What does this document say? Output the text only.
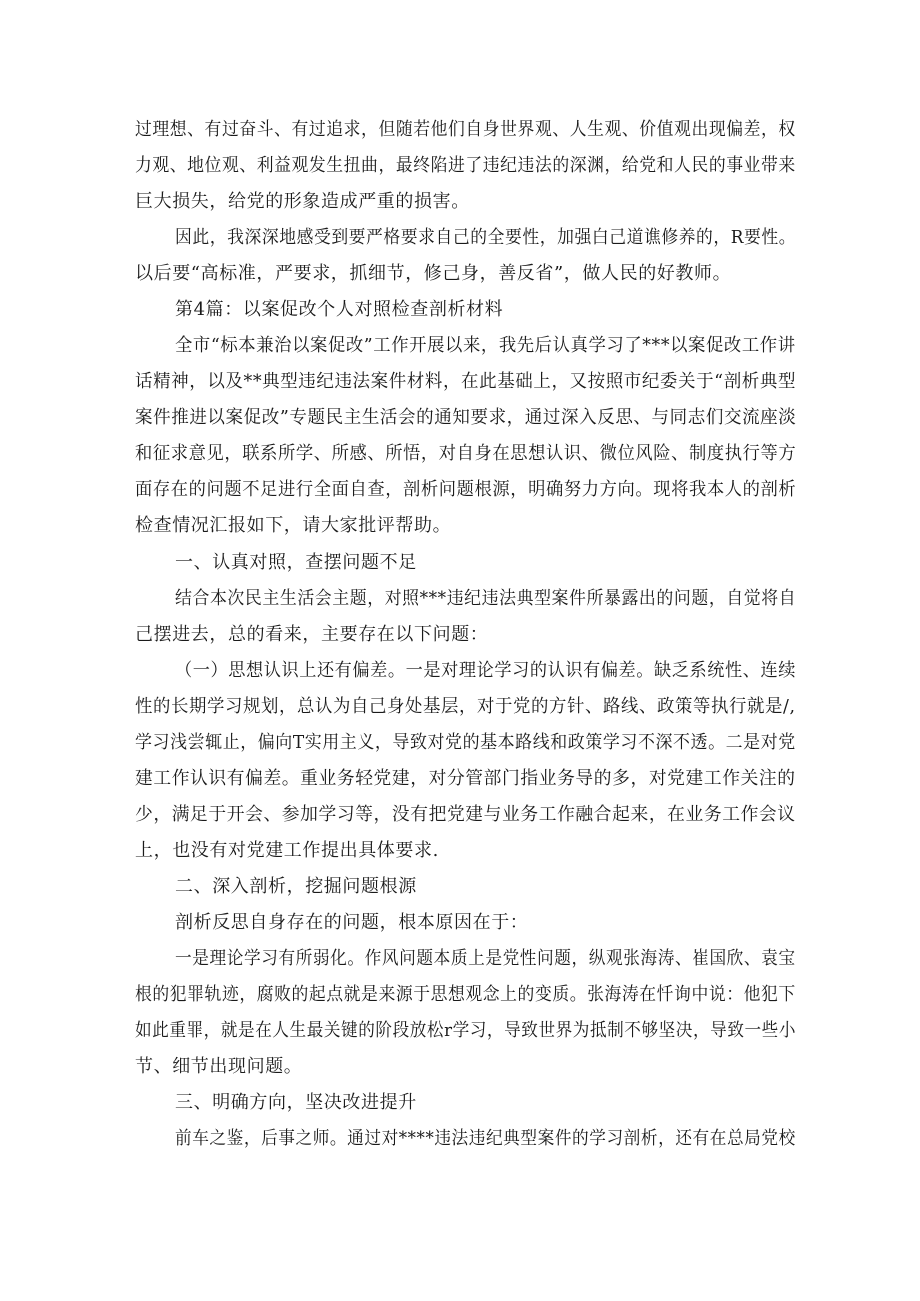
过理想、有过奋斗、有过追求，但随若他们自身世界观、人生观、价值观出现偏差，权
力观、地位观、利益观发生扭曲，最终陷进了违纪违法的深渊，给党和人民的事业带来
巨大损失，给党的形象造成严重的损害。
因此，我深深地感受到要严格要求自己的全要性，加强白己道谯修养的，R要性。
以后要“高标准，严要求，抓细节，修己身，善反省”，做人民的好教师。
第4篇：以案促改个人对照检查剖析材料
全市“标本兼治以案促改”工作开展以来，我先后认真学习了***以案促改工作讲
话精神，以及**典型违纪违法案件材料，在此基础上，又按照市纪委关于“剖析典型
案件推进以案促改”专题民主生活会的通知要求，通过深入反思、与同志们交流座淡
和征求意见，联系所学、所感、所悟，对自身在思想认识、微位风险、制度执行等方
面存在的问题不足进行全面自查，剖析问题根源，明确努力方向。现将我本人的剖析
检查情况汇报如下，请大家批评帮助。
一、认真对照，查摆问题不足
结合本次民主生活会主题，对照***违纪违法典型案件所暴露出的问题，自觉将自
己摆进去，总的看来，主要存在以下问题：
（一）思想认识上还有偏差。一是对理论学习的认识有偏差。缺乏系统性、连续
性的长期学习规划，总认为自己身处基层，对于党的方针、路线、政策等执行就是/,
学习浅尝辄止，偏向T实用主义，导致对党的基本路线和政策学习不深不透。二是对党
建工作认识有偏差。重业务轻党建，对分管部门指业务导的多，对党建工作关注的
少，满足于开会、参加学习等，没有把党建与业务工作融合起来，在业务工作会议
上，也没有对党建工作提出具体要求.
二、深入剖析，挖掘问题根源
剖析反思自身存在的问题，根本原因在于：
一是理论学习有所弱化。作风问题本质上是党性问题，纵观张海涛、崔国欣、袁宝
根的犯罪轨迹，腐败的起点就是来源于思想观念上的变质。张海涛在忏询中说：他犯下
如此重罪，就是在人生最关键的阶段放松r学习，导致世界为抵制不够坚决，导致一些小
节、细节出现问题。
三、明确方向，坚决改进提升
前车之鉴，后事之师。通过对****违法违纪典型案件的学习剖析，还有在总局党校
